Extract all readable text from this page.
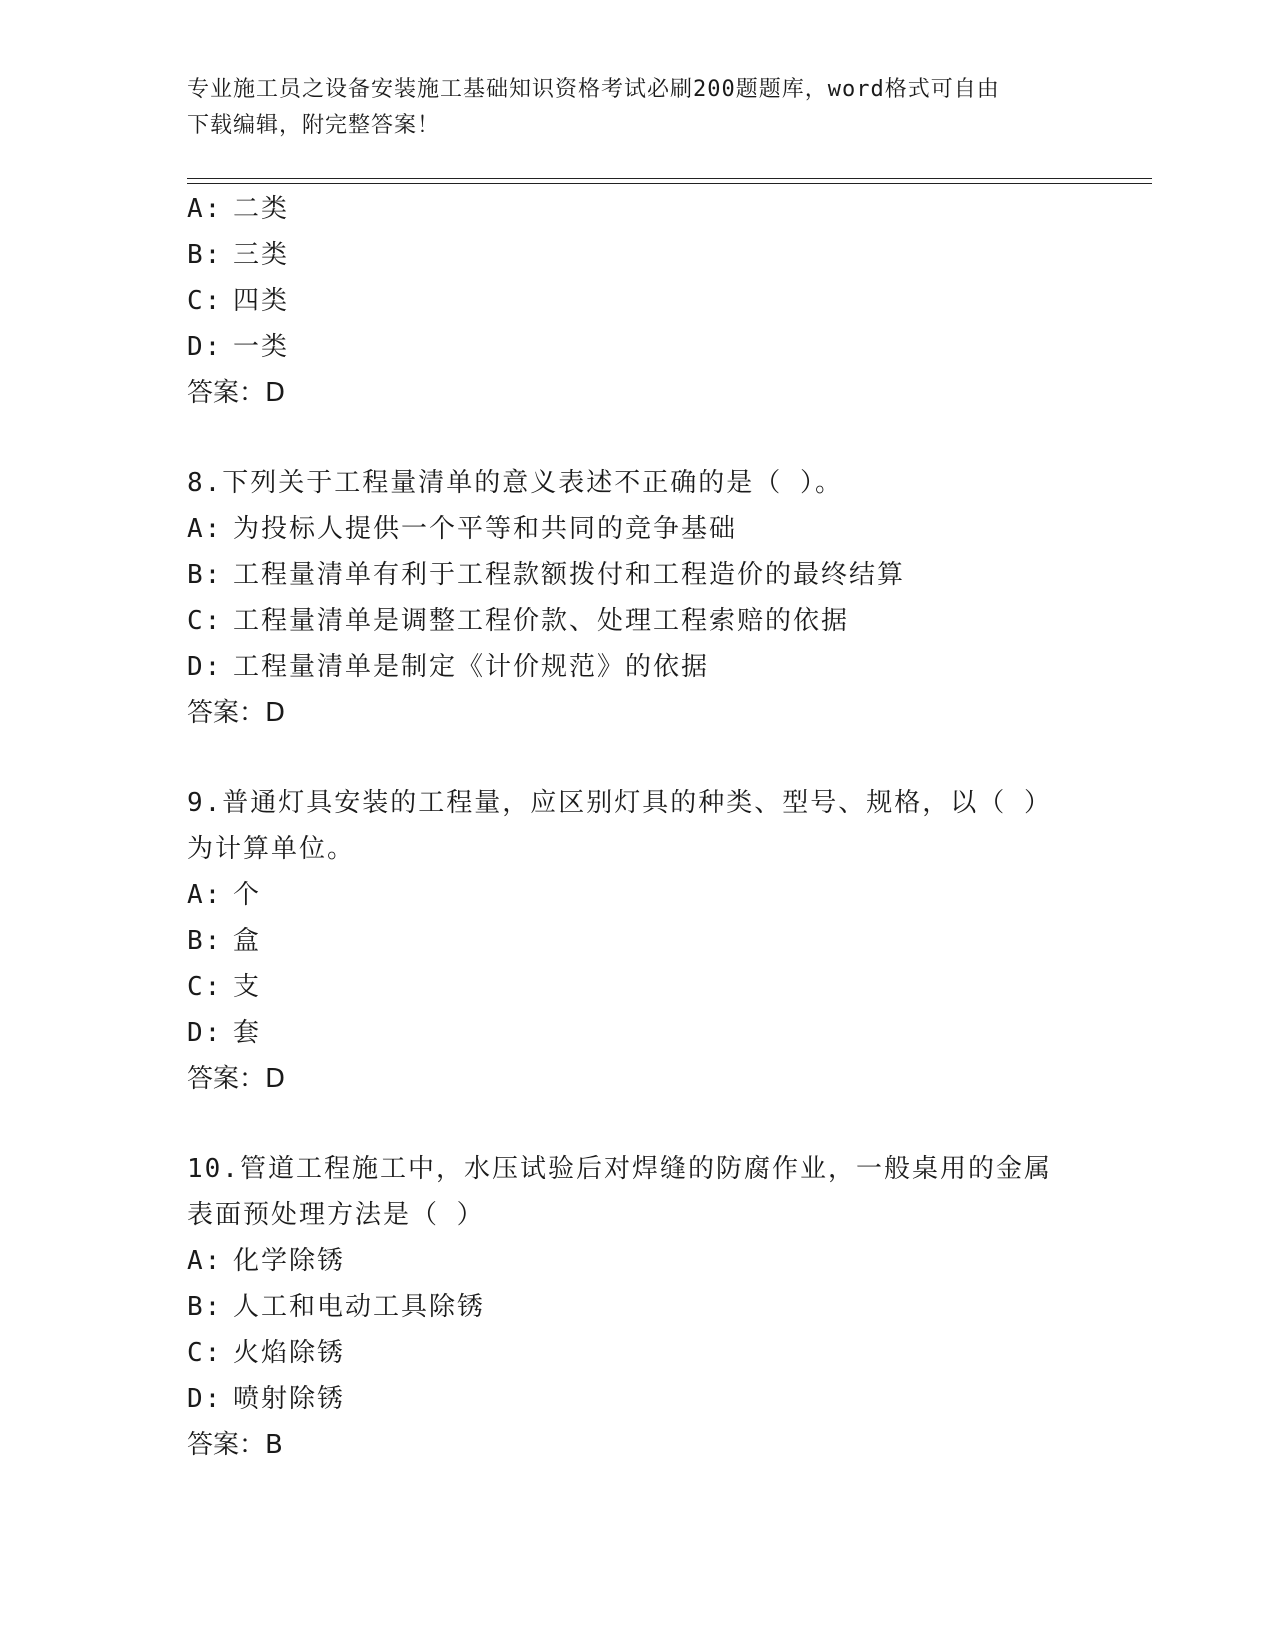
专业施工员之设备安装施工基础知识资格考试必刷200题题库，word格式可自由
下载编辑，附完整答案！
A: 二类
B: 三类
C: 四类
D: 一类
答案：D
8.下列关于工程量清单的意义表述不正确的是（ ）。
A: 为投标人提供一个平等和共同的竞争基础
B: 工程量清单有利于工程款额拨付和工程造价的最终结算
C: 工程量清单是调整工程价款、处理工程索赔的依据
D: 工程量清单是制定《计价规范》的依据
答案：D
9.普通灯具安装的工程量，应区别灯具的种类、型号、规格，以（ ）
为计算单位。
A: 个
B: 盒
C: 支
D: 套
答案：D
10.管道工程施工中，水压试验后对焊缝的防腐作业，一般桌用的金属
表面预处理方法是（ ）
A: 化学除锈
B: 人工和电动工具除锈
C: 火焰除锈
D: 喷射除锈
答案：B
